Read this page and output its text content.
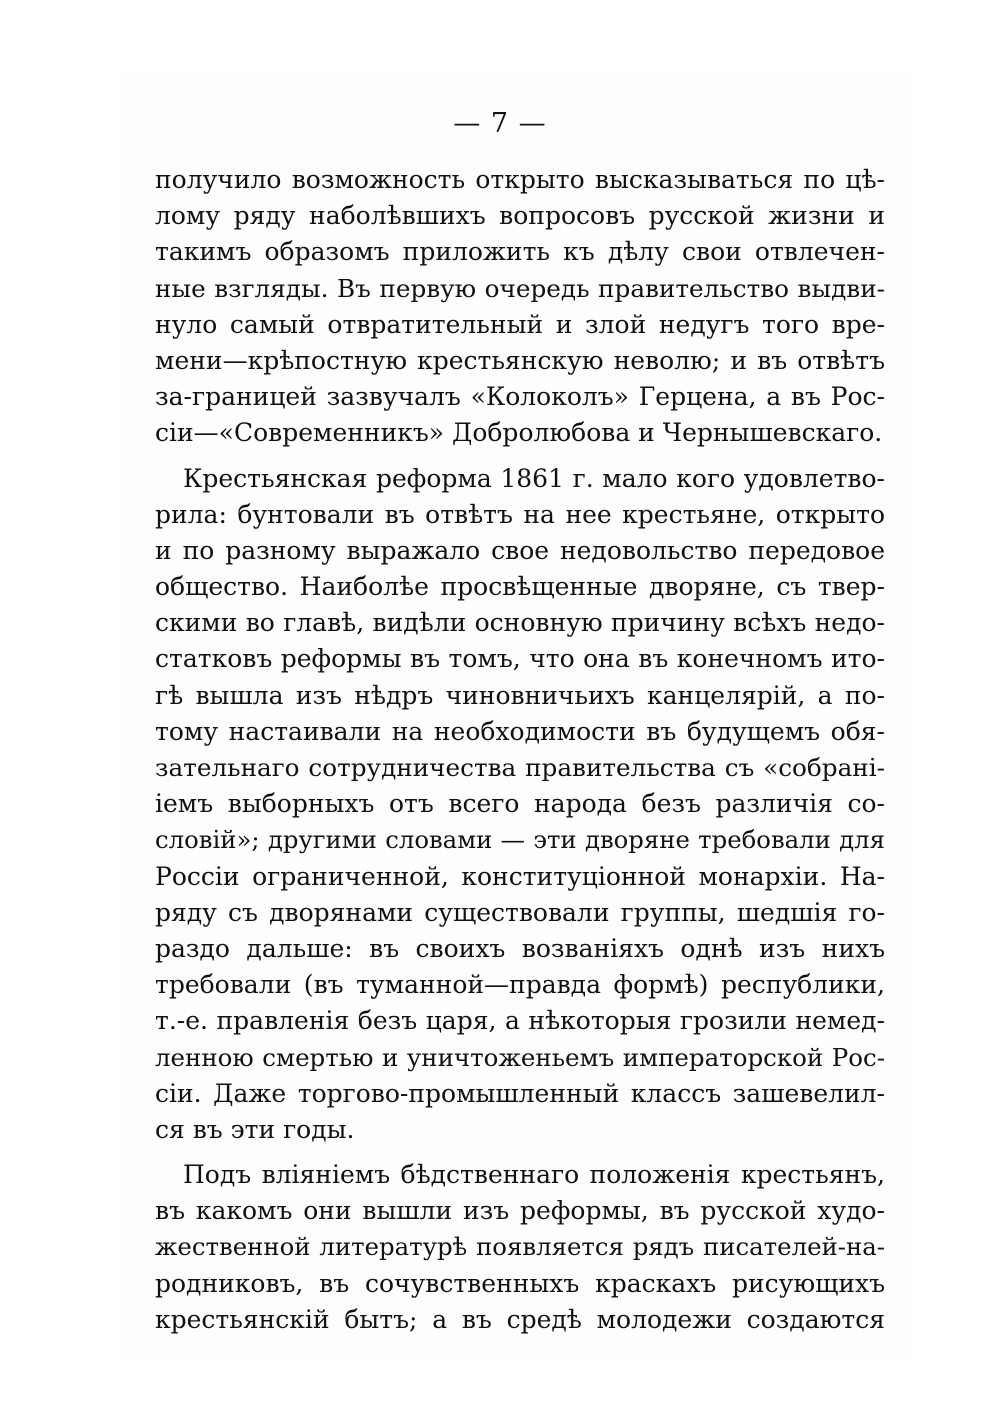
— 7 —
получило возможность открыто высказываться по цѣ-
лому ряду наболѣвшихъ вопросовъ русской жизни и
такимъ образомъ приложить къ дѣлу свои отвлечен-
ные взгляды. Въ первую очередь правительство выдви-
нуло самый отвратительный и злой недугъ того вре-
мени—крѣпостную крестьянскую неволю; и въ отвѣтъ
за-границей зазвучалъ «Колоколъ» Герцена, а въ Рос-
сіи—«Современникъ» Добролюбова и Чернышевскаго.
Крестьянская реформа 1861 г. мало кого удовлетво-
рила: бунтовали въ отвѣтъ на нее крестьяне, открыто
и по разному выражало свое недовольство передовое
общество. Наиболѣе просвѣщенные дворяне, съ твер-
скими во главѣ, видѣли основную причину всѣхъ недо-
статковъ реформы въ томъ, что она въ конечномъ ито-
гѣ вышла изъ нѣдръ чиновничьихъ канцелярій, а по-
тому настаивали на необходимости въ будущемъ обя-
зательнаго сотрудничества правительства съ «собранi-
iемъ выборныхъ отъ всего народа безъ различія со-
словій»; другими словами — эти дворяне требовали для
Россіи ограниченной, конституціонной монархіи. На-
ряду съ дворянами существовали группы, шедшія го-
раздо дальше: въ своихъ возваніяхъ однѣ изъ нихъ
требовали (въ туманной—правда формѣ) республики,
т.-е. правленія безъ царя, а нѣкоторыя грозили немед-
ленною смертью и уничтоженьемъ императорской Рос-
сіи. Даже торгово-промышленный классъ зашевелил-
ся въ эти годы.
Подъ вліяніемъ бѣдственнаго положенія крестьянъ,
въ какомъ они вышли изъ реформы, въ русской худо-
жественной литературѣ появляется рядъ писателей-на-
родниковъ, въ сочувственныхъ краскахъ рисующихъ
крестьянскій бытъ; а въ средѣ молодежи создаются
